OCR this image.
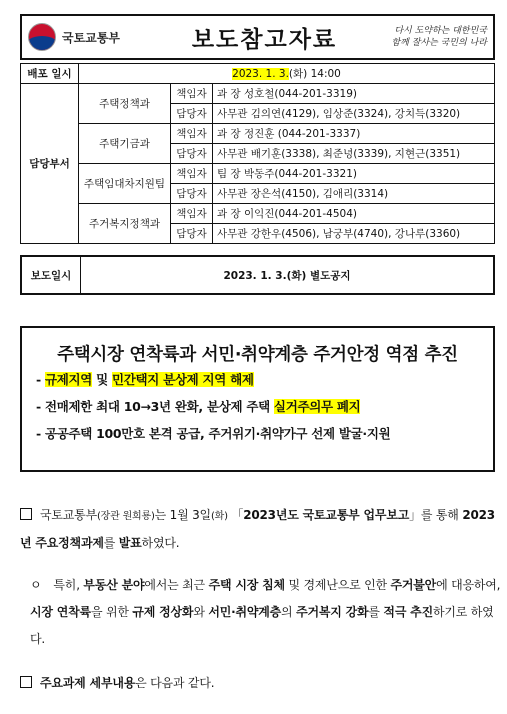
국토교통부	보도참고자료	다시 도약하는 대한민국
함께 잘사는 국민의 나라
배포 일시	2023. 1. 3.(화) 14:00		
담당부서	주택정책과	책임자	과 장 성호철(044-201-3319)
		담당자	사무관 김의연(4129), 임상준(3324), 강치득(3320)
	주택기금과	책임자	과 장 정진훈 (044-201-3337)
		담당자	사무관 배기훈(3338), 최준녕(3339), 지현근(3351)
	주택임대차지원팀	책임자	팀 장 박동주(044-201-3321)
		담당자	사무관 장은석(4150), 김애리(3314)
	주거복지정책과	책임자	과 장 이익진(044-201-4504)
		담당자	사무관 강한우(4506), 남궁부(4740), 강나루(3360)
보도일시	2023. 1. 3.(화) 별도공지
주택시장 연착륙과 서민·취약계층 주거안정 역점 추진
- 규제지역 및 민간택지 분상제 지역 해제
- 전매제한 최대 10→3년 완화, 분상제 주택 실거주의무 폐지
- 공공주택 100만호 본격 공급, 주거위기·취약가구 선제 발굴·지원
국토교통부(장관 원희룡)는 1월 3일(화) 「2023년도 국토교통부 업무보고」를 통해 2023년 주요정책과제를 발표하였다.
ㅇ 특히, 부동산 분야에서는 최근 주택 시장 침체 및 경제난으로 인한 주거불안에 대응하여, 시장 연착륙을 위한 규제 정상화와 서민·취약계층의 주거복지 강화를 적극 추진하기로 하였다.
주요과제 세부내용은 다음과 같다.
